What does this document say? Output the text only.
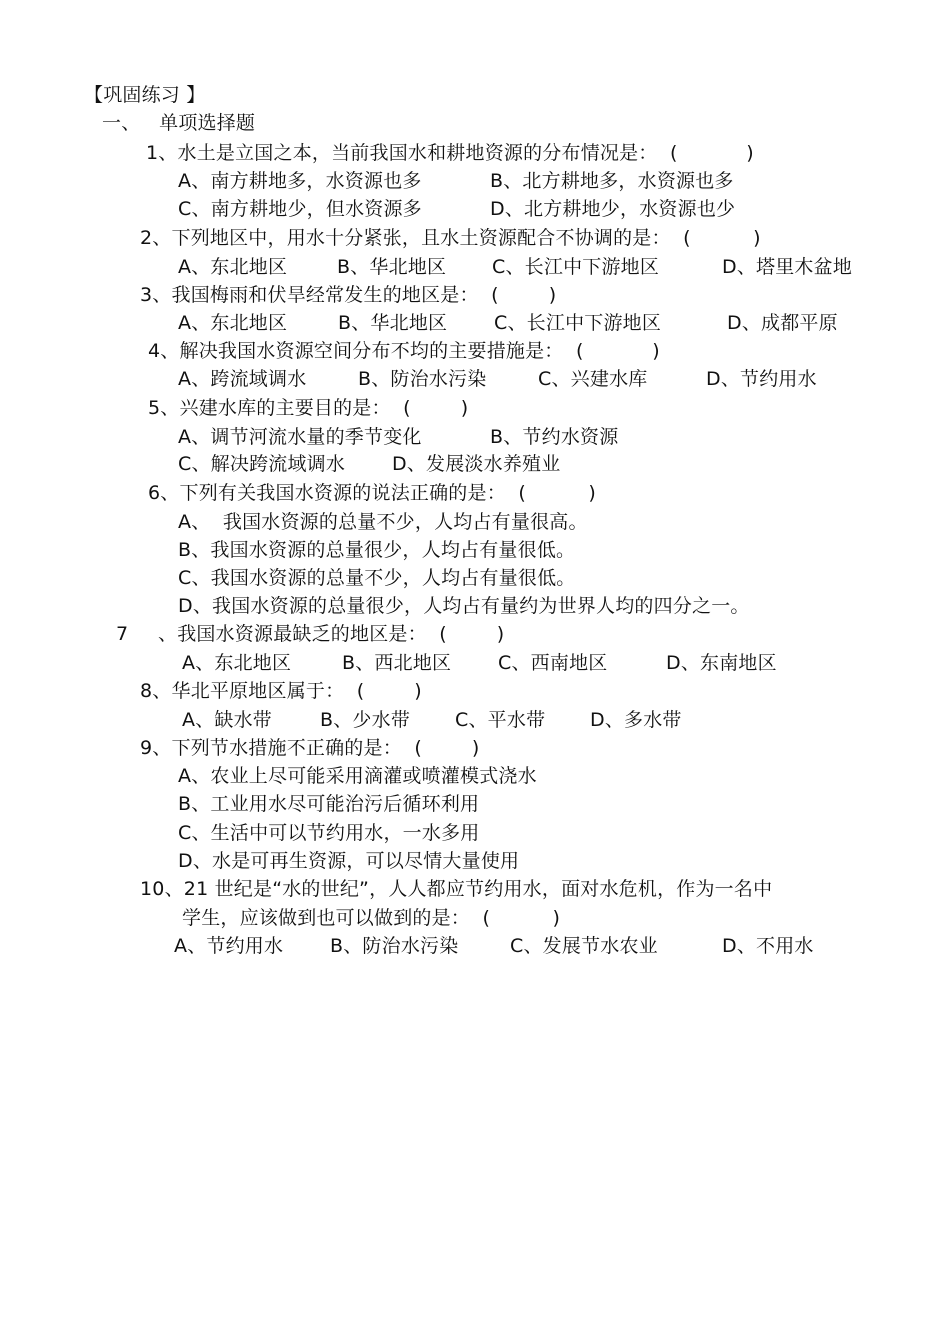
【巩固练习 】
一、   单项选择题
1、水土是立国之本，当前我国水和耕地资源的分布情况是：  (           )
A、南方耕地多，水资源也多	B、北方耕地多，水资源也多
C、南方耕地少，但水资源多	D、北方耕地少，水资源也少
2、下列地区中，用水十分紧张，且水土资源配合不协调的是：  (          )
A、东北地区	B、华北地区 C、长江中下游地区	D、塔里木盆地
3、我国梅雨和伏旱经常发生的地区是：  (        )
A、东北地区	B、华北地区 C、长江中下游地区	D、成都平原
4、解决我国水资源空间分布不均的主要措施是：  (           )
A、跨流域调水	B、防治水污染	C、兴建水库	D、节约用水
5、兴建水库的主要目的是：  (        )
A、调节河流水量的季节变化	B、节约水资源
C、解决跨流域调水 D、发展淡水养殖业
6、下列有关我国水资源的说法正确的是：  (          )
A、  我国水资源的总量不少，人均占有量很高。
B、我国水资源的总量很少，人均占有量很低。
C、我国水资源的总量不少，人均占有量很低。
D、我国水资源的总量很少，人均占有量约为世界人均的四分之一。
7 、我国水资源最缺乏的地区是：  (        )
A、东北地区	B、西北地区 C、西南地区	D、东南地区
8、华北平原地区属于：  (        )
A、缺水带	B、少水带 C、平水带 D、多水带
9、下列节水措施不正确的是：  (        )
A、农业上尽可能采用滴灌或喷灌模式浇水
B、工业用水尽可能治污后循环利用
C、生活中可以节约用水，一水多用
D、水是可再生资源，可以尽情大量使用
10、21 世纪是“水的世纪”，人人都应节约用水，面对水危机，作为一名中
学生，应该做到也可以做到的是：  (          )
A、节约用水 B、防治水污染	C、发展节水农业	D、不用水
